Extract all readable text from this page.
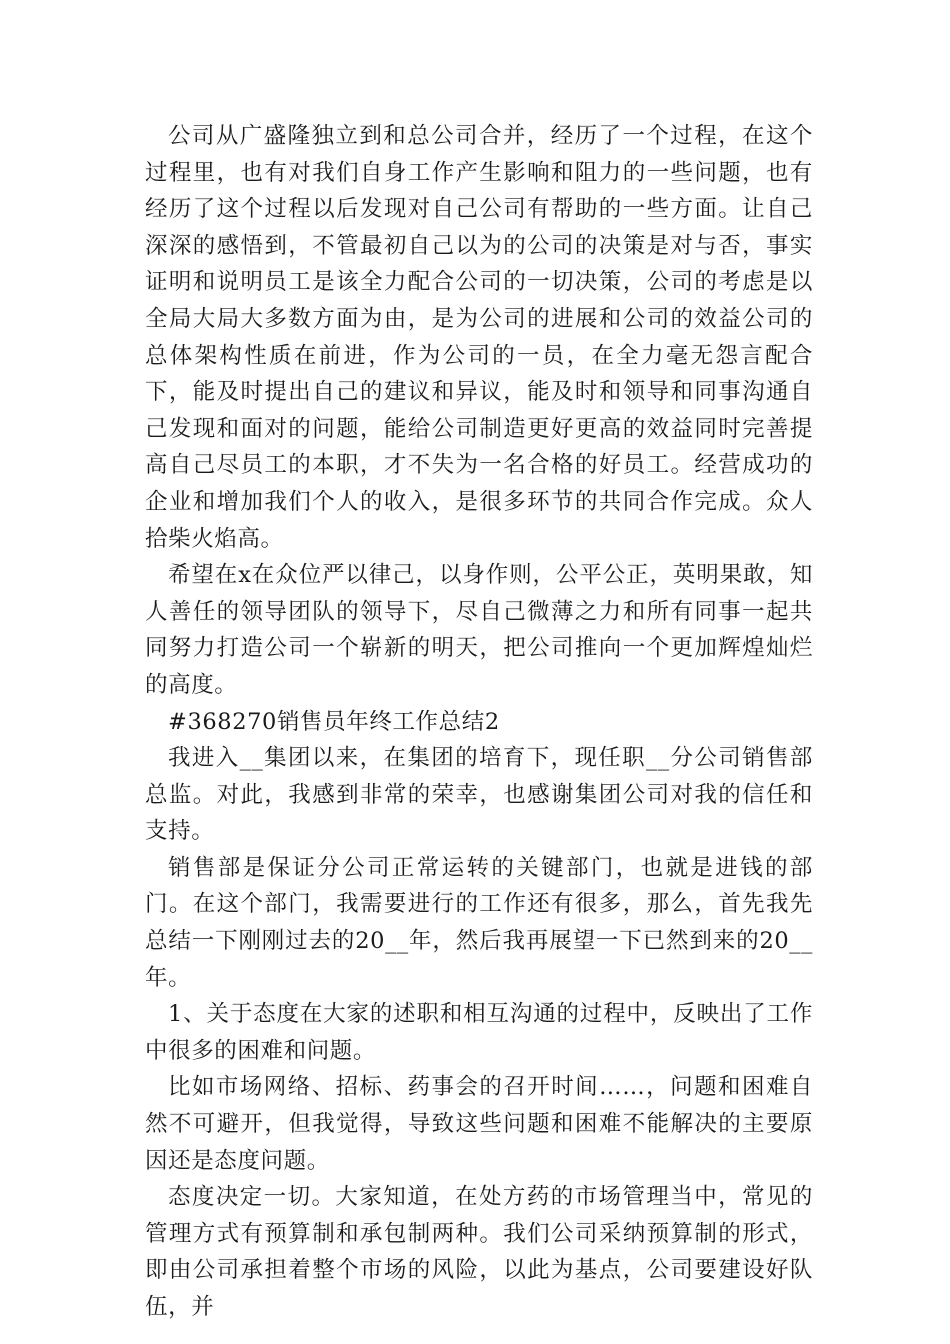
公司从广盛隆独立到和总公司合并，经历了一个过程，在这个过程里，也有对我们自身工作产生影响和阻力的一些问题，也有经历了这个过程以后发现对自己公司有帮助的一些方面。让自己深深的感悟到，不管最初自己以为的公司的决策是对与否，事实证明和说明员工是该全力配合公司的一切决策，公司的考虑是以全局大局大多数方面为由，是为公司的进展和公司的效益公司的总体架构性质在前进，作为公司的一员，在全力毫无怨言配合下，能及时提出自己的建议和异议，能及时和领导和同事沟通自己发现和面对的问题，能给公司制造更好更高的效益同时完善提高自己尽员工的本职，才不失为一名合格的好员工。经营成功的企业和增加我们个人的收入，是很多环节的共同合作完成。众人拾柴火焰高。

希望在x在众位严以律己，以身作则，公平公正，英明果敢，知人善任的领导团队的领导下，尽自己微薄之力和所有同事一起共同努力打造公司一个崭新的明天，把公司推向一个更加辉煌灿烂的高度。

#368270销售员年终工作总结2

我进入__集团以来，在集团的培育下，现任职__分公司销售部总监。对此，我感到非常的荣幸，也感谢集团公司对我的信任和支持。

销售部是保证分公司正常运转的关键部门，也就是进钱的部门。在这个部门，我需要进行的工作还有很多，那么，首先我先总结一下刚刚过去的20__年，然后我再展望一下已然到来的20__年。

1、关于态度在大家的述职和相互沟通的过程中，反映出了工作中很多的困难和问题。

比如市场网络、招标、药事会的召开时间……，问题和困难自然不可避开，但我觉得，导致这些问题和困难不能解决的主要原因还是态度问题。

态度决定一切。大家知道，在处方药的市场管理当中，常见的管理方式有预算制和承包制两种。我们公司采纳预算制的形式，即由公司承担着整个市场的风险，以此为基点，公司要建设好队伍，并
